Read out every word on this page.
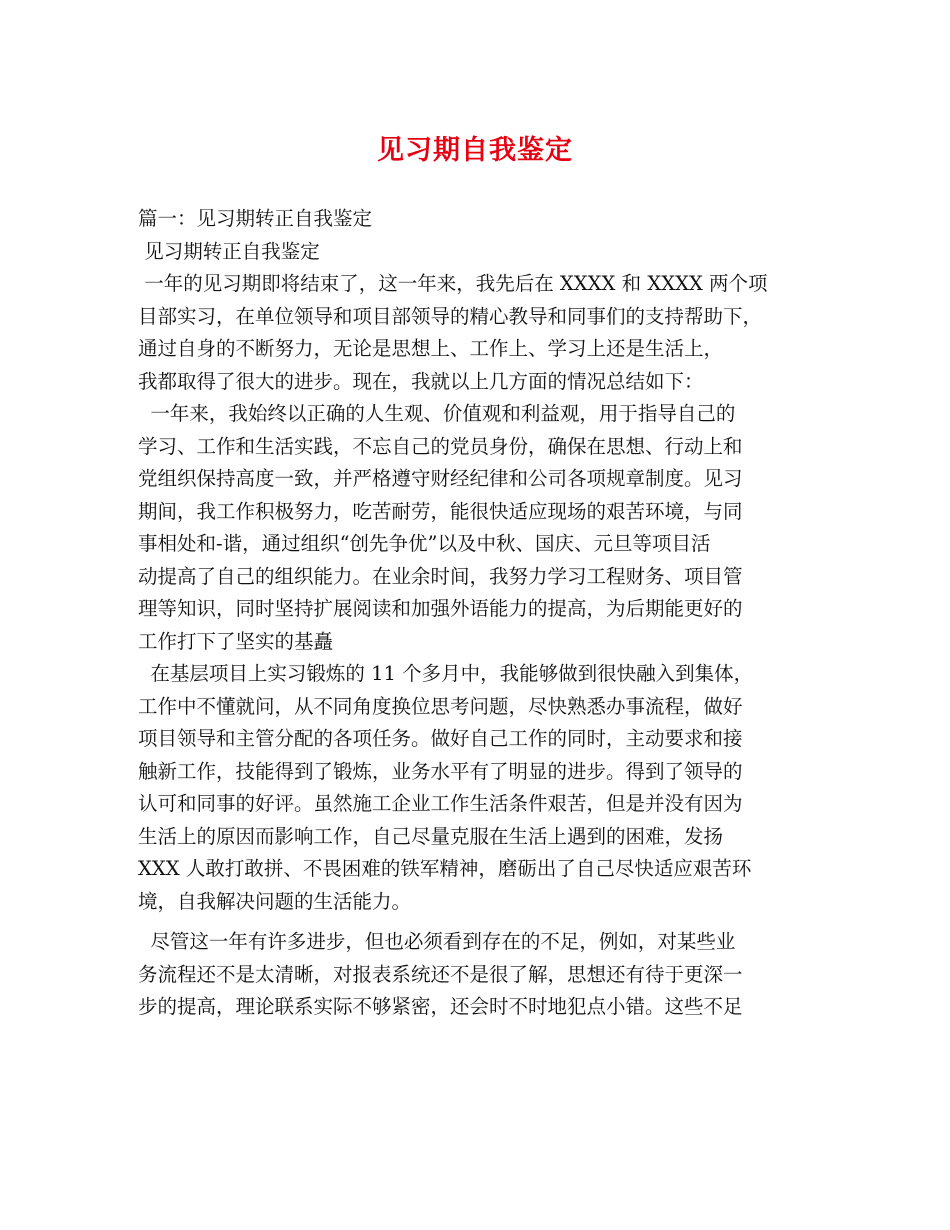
见习期自我鉴定
篇一：见习期转正自我鉴定
见习期转正自我鉴定
一年的见习期即将结束了，这一年来，我先后在 XXXX 和 XXXX 两个项
目部实习，在单位领导和项目部领导的精心教导和同事们的支持帮助下，
通过自身的不断努力，无论是思想上、工作上、学习上还是生活上，
我都取得了很大的进步。现在，我就以上几方面的情况总结如下：
一年来，我始终以正确的人生观、价值观和利益观，用于指导自己的
学习、工作和生活实践，不忘自己的党员身份，确保在思想、行动上和
党组织保持高度一致，并严格遵守财经纪律和公司各项规章制度。见习
期间，我工作积极努力，吃苦耐劳，能很快适应现场的艰苦环境，与同
事相处和-谐，通过组织“创先争优”以及中秋、国庆、元旦等项目活
动提高了自己的组织能力。在业余时间，我努力学习工程财务、项目管
理等知识，同时坚持扩展阅读和加强外语能力的提高，为后期能更好的
工作打下了坚实的基矗
在基层项目上实习锻炼的 11 个多月中，我能够做到很快融入到集体，
工作中不懂就问，从不同角度换位思考问题，尽快熟悉办事流程，做好
项目领导和主管分配的各项任务。做好自己工作的同时，主动要求和接
触新工作，技能得到了锻炼，业务水平有了明显的进步。得到了领导的
认可和同事的好评。虽然施工企业工作生活条件艰苦，但是并没有因为
生活上的原因而影响工作，自己尽量克服在生活上遇到的困难，发扬
XXX 人敢打敢拼、不畏困难的铁军精神，磨砺出了自己尽快适应艰苦环
境，自我解决问题的生活能力。
尽管这一年有许多进步，但也必须看到存在的不足，例如，对某些业
务流程还不是太清晰，对报表系统还不是很了解，思想还有待于更深一
步的提高，理论联系实际不够紧密，还会时不时地犯点小错。这些不足
